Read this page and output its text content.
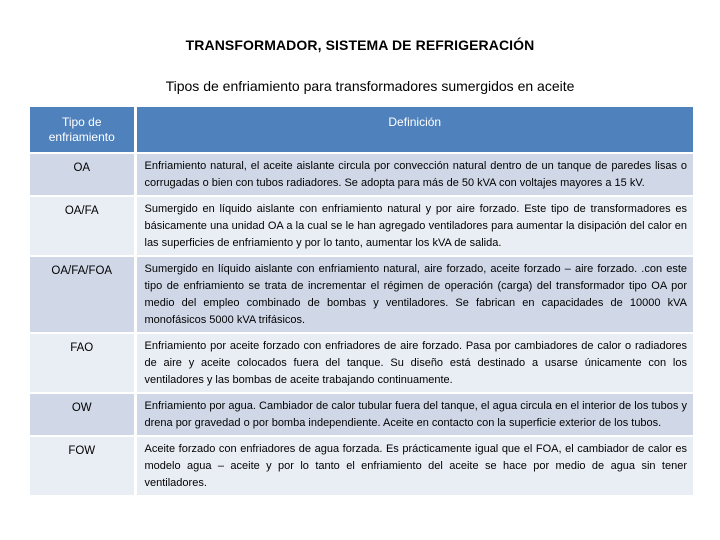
TRANSFORMADOR, SISTEMA DE REFRIGERACIÓN
Tipos de enfriamiento para transformadores sumergidos en aceite
Tipo de enfriamiento	Definición
OA	Enfriamiento natural, el aceite aislante circula por convección natural dentro de un tanque de paredes lisas o corrugadas o bien con tubos radiadores. Se adopta para más de 50 kVA con voltajes mayores a 15 kV.
OA/FA	Sumergido en líquido aislante con enfriamiento natural y por aire forzado. Este tipo de transformadores es básicamente una unidad OA a la cual se le han agregado ventiladores para aumentar la disipación del calor en las superficies de enfriamiento y por lo tanto, aumentar los kVA de salida.
OA/FA/FOA	Sumergido en líquido aislante con enfriamiento natural, aire forzado, aceite forzado – aire forzado. .con este tipo de enfriamiento se trata de incrementar el régimen de operación (carga) del transformador tipo OA por medio del empleo combinado de bombas y ventiladores. Se fabrican en capacidades de 10000 kVA monofásicos 5000 kVA trifásicos.
FAO	Enfriamiento por aceite forzado con enfriadores de aire forzado. Pasa por cambiadores de calor o radiadores de aire y aceite colocados fuera del tanque. Su diseño está destinado a usarse únicamente con los ventiladores y las bombas de aceite trabajando continuamente.
OW	Enfriamiento por agua. Cambiador de calor tubular fuera del tanque, el agua circula en el interior de los tubos y drena por gravedad o por bomba independiente. Aceite en contacto con la superficie exterior de los tubos.
FOW	Aceite forzado con enfriadores de agua forzada. Es prácticamente igual que el FOA, el cambiador de calor es modelo agua – aceite y por lo tanto el enfriamiento del aceite se hace por medio de agua sin tener ventiladores.
